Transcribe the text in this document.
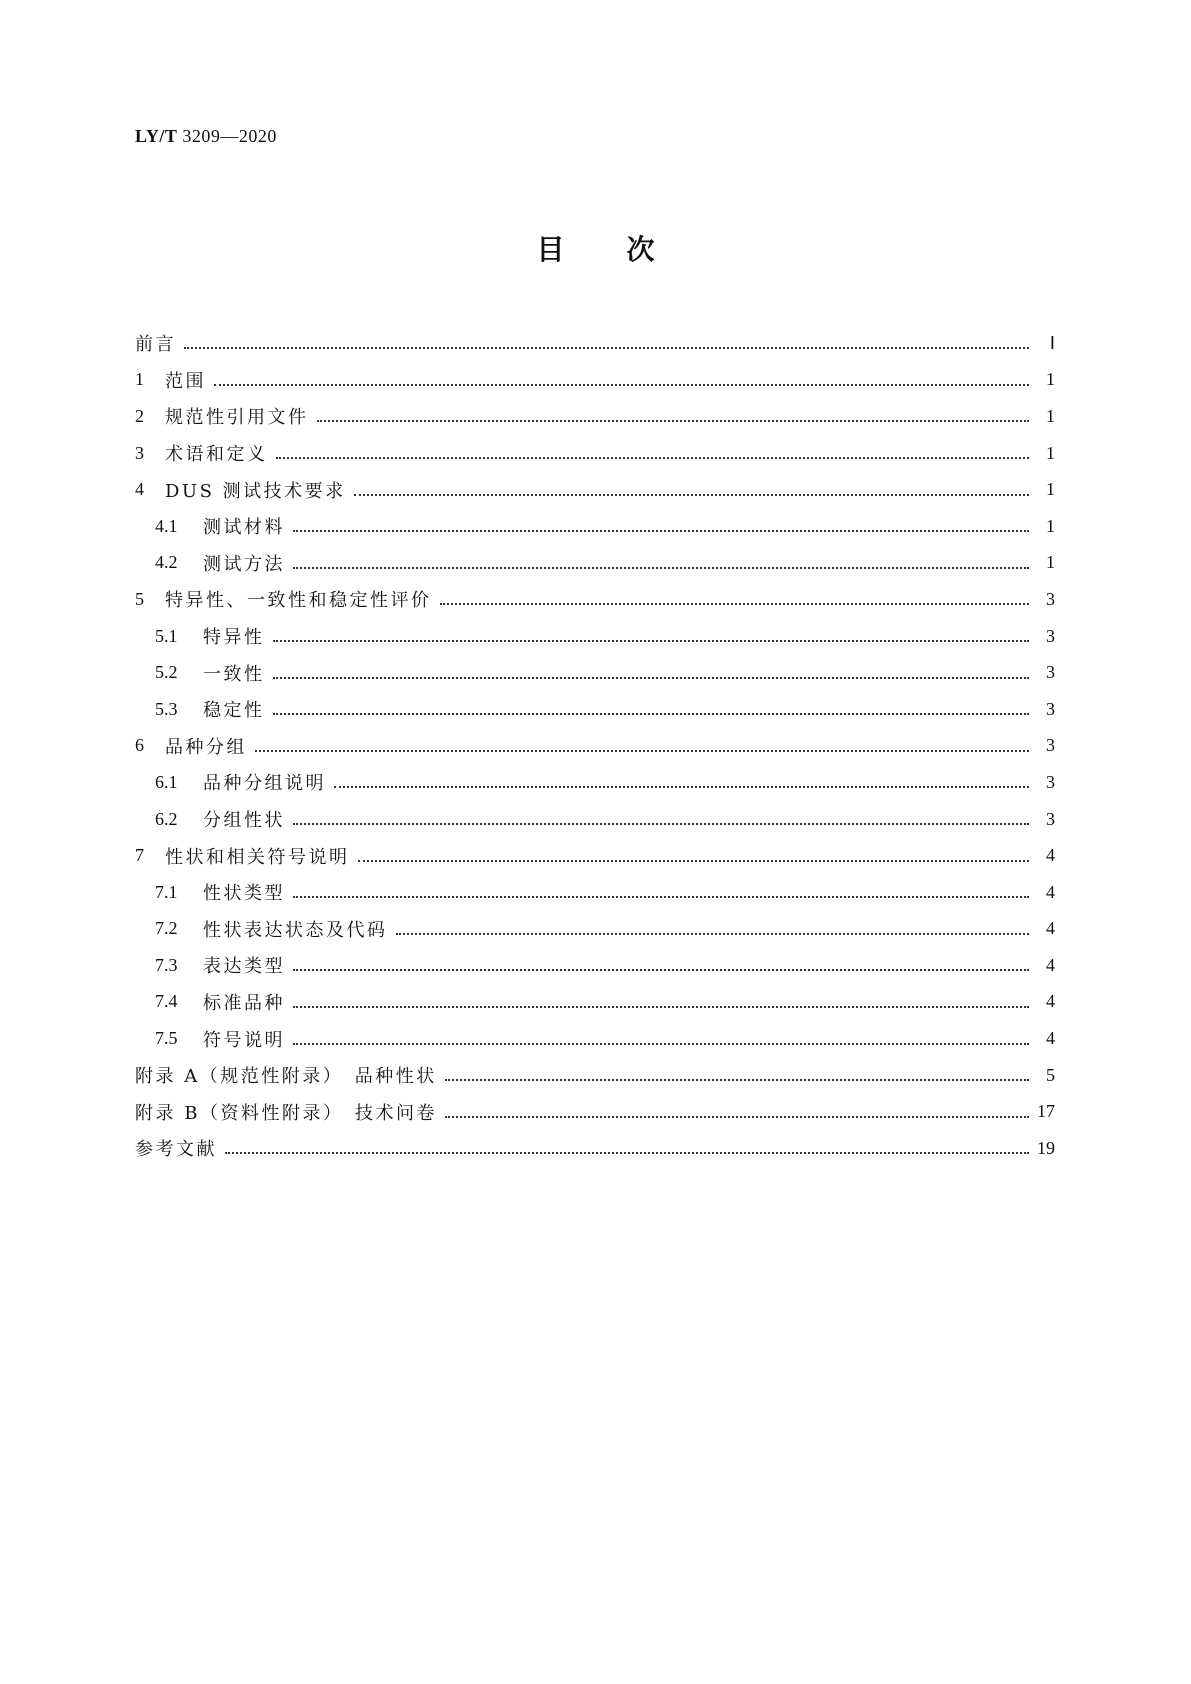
LY/T 3209—2020
目次
前言	Ⅰ
1	范围	1
2	规范性引用文件	1
3	术语和定义	1
4	DUS 测试技术要求	1
4.1	测试材料	1
4.2	测试方法	1
5	特异性、一致性和稳定性评价	3
5.1	特异性	3
5.2	一致性	3
5.3	稳定性	3
6	品种分组	3
6.1	品种分组说明	3
6.2	分组性状	3
7	性状和相关符号说明	4
7.1	性状类型	4
7.2	性状表达状态及代码	4
7.3	表达类型	4
7.4	标准品种	4
7.5	符号说明	4
附录 A（规范性附录）　品种性状	5
附录 B（资料性附录）　技术问卷	17
参考文献	19
